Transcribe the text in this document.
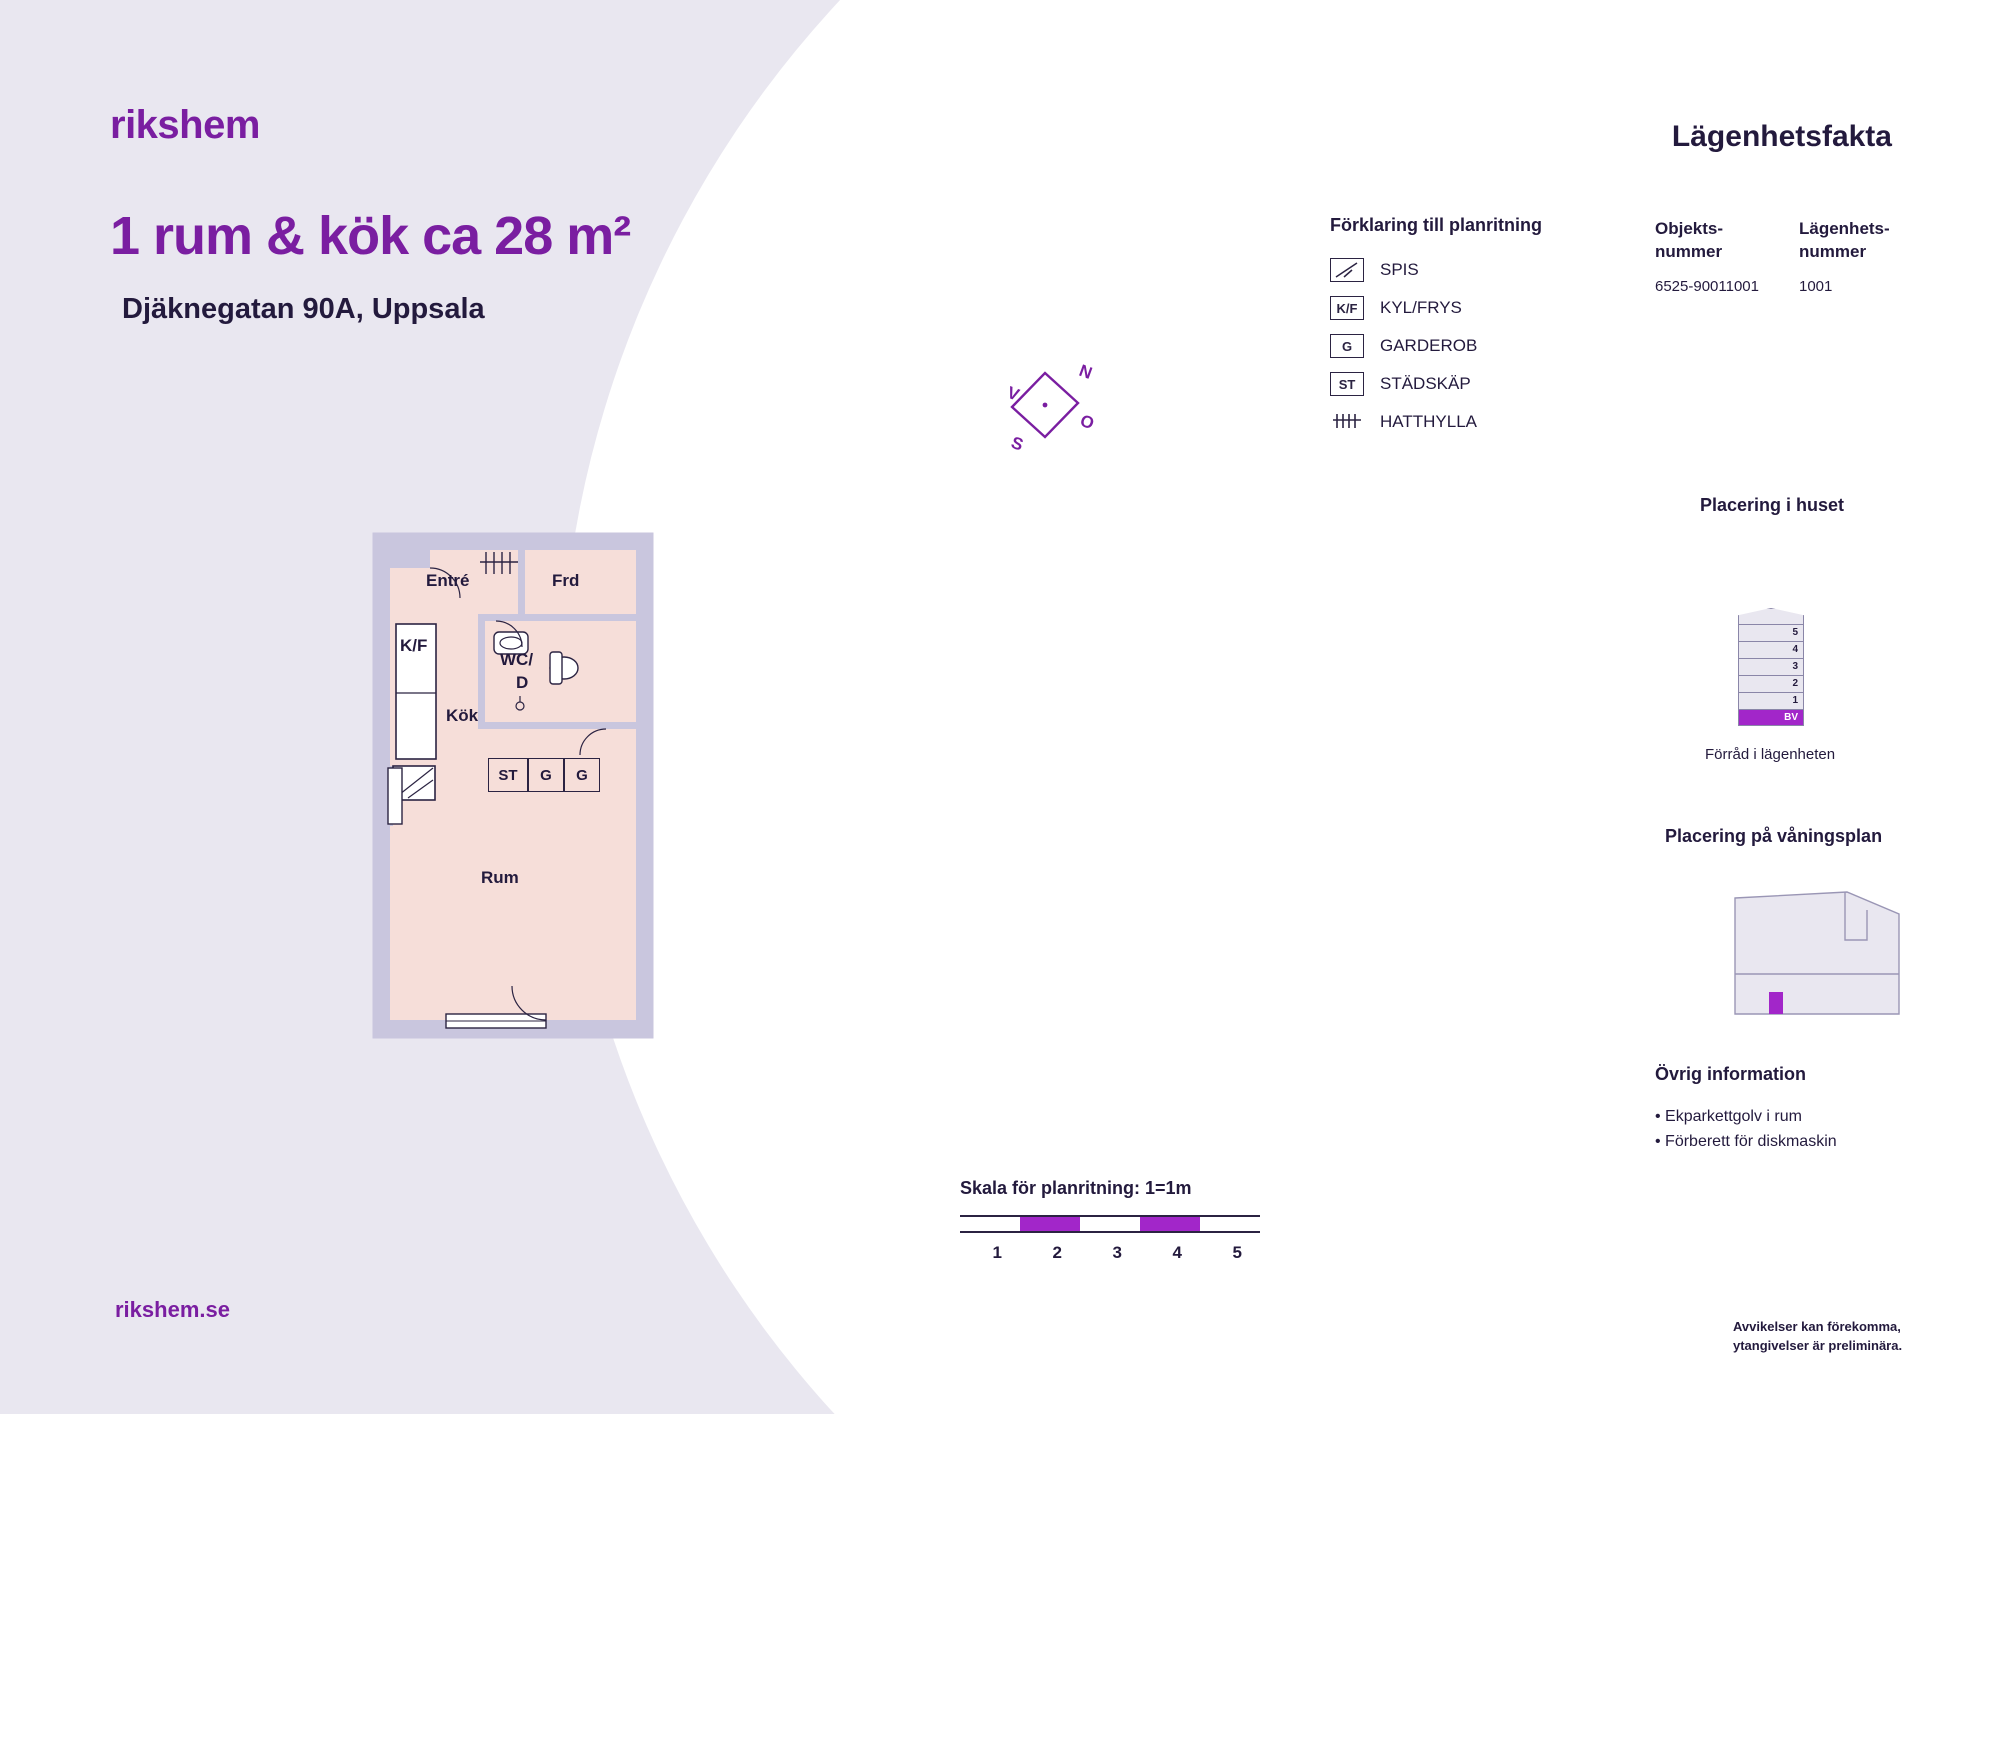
rikshem
1 rum & kök ca 28 m²
Djäknegatan 90A, Uppsala
rikshem.se
N
O
S
V
Förklaring till planritning
SPIS
K/F	KYL/FRYS
G	GARDEROB
ST	STÄDSKÄP
HATTHYLLA
Lägenhetsfakta
Objekts-
nummer
6525-90011001
Lägenhets-
nummer
1001
Placering i huset
5
4
3
2
1
BV
Förråd i lägenheten
Placering på våningsplan
Övrig information
• Ekparkettgolv i rum
• Förberett för diskmaskin
Avvikelser kan förekomma,
ytangivelser är preliminära.
Skala för planritning: 1=1m
1	2	3	4	5
Entré	Frd
K/F
WC/
D
Kök
Rum
ST	G	G
